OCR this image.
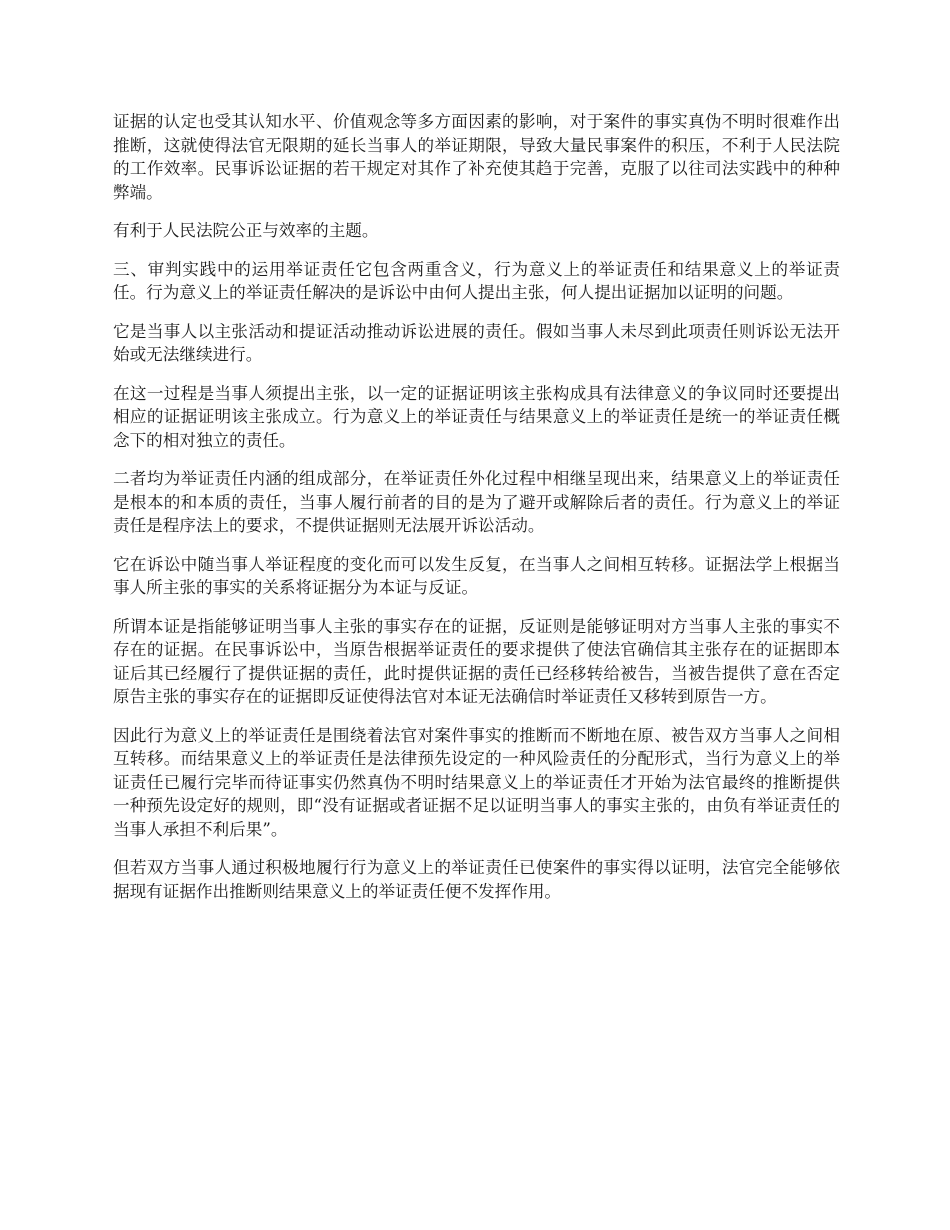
证据的认定也受其认知水平、价值观念等多方面因素的影响，对于案件的事实真伪不明时很难作出推断，这就使得法官无限期的延长当事人的举证期限，导致大量民事案件的积压，不利于人民法院的工作效率。民事诉讼证据的若干规定对其作了补充使其趋于完善，克服了以往司法实践中的种种弊端。

有利于人民法院公正与效率的主题。

三、审判实践中的运用举证责任它包含两重含义，行为意义上的举证责任和结果意义上的举证责任。行为意义上的举证责任解决的是诉讼中由何人提出主张，何人提出证据加以证明的问题。

它是当事人以主张活动和提证活动推动诉讼进展的责任。假如当事人未尽到此项责任则诉讼无法开始或无法继续进行。

在这一过程是当事人须提出主张，以一定的证据证明该主张构成具有法律意义的争议同时还要提出相应的证据证明该主张成立。行为意义上的举证责任与结果意义上的举证责任是统一的举证责任概念下的相对独立的责任。

二者均为举证责任内涵的组成部分，在举证责任外化过程中相继呈现出来，结果意义上的举证责任是根本的和本质的责任，当事人履行前者的目的是为了避开或解除后者的责任。行为意义上的举证责任是程序法上的要求，不提供证据则无法展开诉讼活动。

它在诉讼中随当事人举证程度的变化而可以发生反复，在当事人之间相互转移。证据法学上根据当事人所主张的事实的关系将证据分为本证与反证。

所谓本证是指能够证明当事人主张的事实存在的证据，反证则是能够证明对方当事人主张的事实不存在的证据。在民事诉讼中，当原告根据举证责任的要求提供了使法官确信其主张存在的证据即本证后其已经履行了提供证据的责任，此时提供证据的责任已经移转给被告，当被告提供了意在否定原告主张的事实存在的证据即反证使得法官对本证无法确信时举证责任又移转到原告一方。

因此行为意义上的举证责任是围绕着法官对案件事实的推断而不断地在原、被告双方当事人之间相互转移。而结果意义上的举证责任是法律预先设定的一种风险责任的分配形式，当行为意义上的举证责任已履行完毕而待证事实仍然真伪不明时结果意义上的举证责任才开始为法官最终的推断提供一种预先设定好的规则，即“没有证据或者证据不足以证明当事人的事实主张的，由负有举证责任的当事人承担不利后果”。

但若双方当事人通过积极地履行行为意义上的举证责任已使案件的事实得以证明，法官完全能够依据现有证据作出推断则结果意义上的举证责任便不发挥作用。
